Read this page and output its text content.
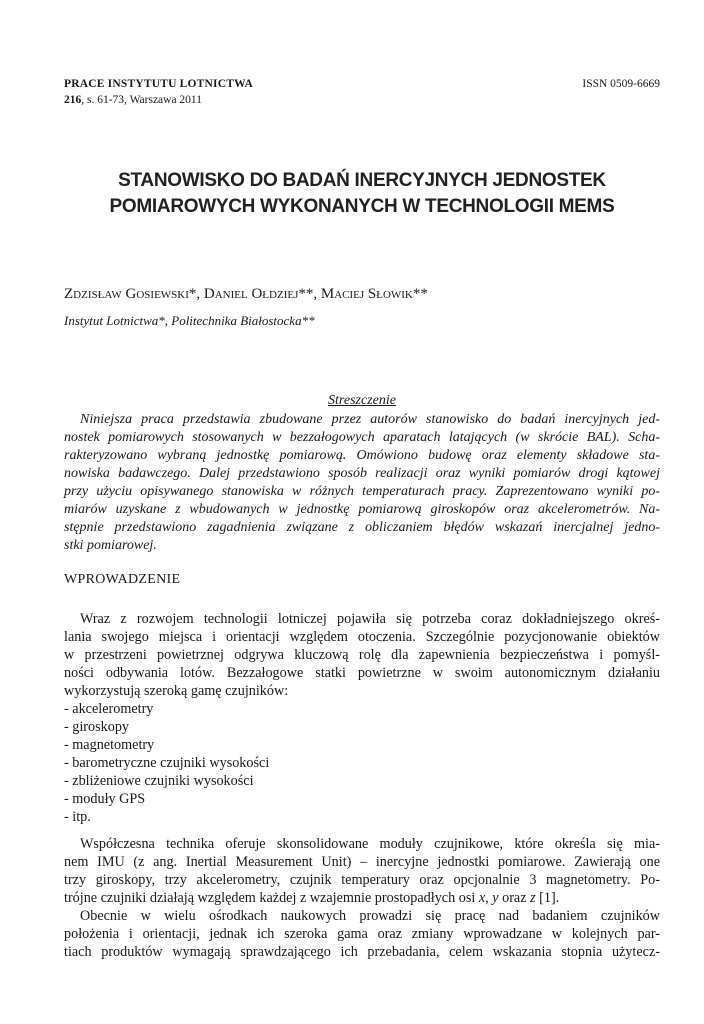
PRACE INSTYTUTU LOTNICTWA
216, s. 61-73, Warszawa 2011
ISSN 0509-6669
STANOWISKO DO BADAŃ INERCYJNYCH JEDNOSTEK
POMIAROWYCH WYKONANYCH W TECHNOLOGII MEMS
Zdzisław Gosiewski*, Daniel Ołdziej**, Maciej Słowik**
Instytut Lotnictwa*, Politechnika Białostocka**
Streszczenie
Niniejsza praca przedstawia zbudowane przez autorów stanowisko do badań inercyjnych jed-
nostek pomiarowych stosowanych w bezzałogowych aparatach latających (w skrócie BAL). Scha-
rakteryzowano wybraną jednostkę pomiarową. Omówiono budowę oraz elementy składowe sta-
nowiska badawczego. Dalej przedstawiono sposób realizacji oraz wyniki pomiarów drogi kątowej
przy użyciu opisywanego stanowiska w różnych temperaturach pracy. Zaprezentowano wyniki po-
miarów uzyskane z wbudowanych w jednostkę pomiarową giroskopów oraz akcelerometrów. Na-
stępnie przedstawiono zagadnienia związane z obliczaniem błędów wskazań inercjalnej jedno-
stki pomiarowej.
WPROWADZENIE
Wraz z rozwojem technologii lotniczej pojawiła się potrzeba coraz dokładniejszego okreś-
lania swojego miejsca i orientacji względem otoczenia. Szczególnie pozycjonowanie obiektów
w przestrzeni powietrznej odgrywa kluczową rolę dla zapewnienia bezpieczeństwa i pomyśl-
ności odbywania lotów. Bezzałogowe statki powietrzne w swoim autonomicznym działaniu
wykorzystują szeroką gamę czujników:
- akcelerometry
- giroskopy
- magnetometry
- barometryczne czujniki wysokości
- zbliżeniowe czujniki wysokości
- moduły GPS
- itp.
Współczesna technika oferuje skonsolidowane moduły czujnikowe, które określa się mia-
nem IMU (z ang. Inertial Measurement Unit) – inercyjne jednostki pomiarowe. Zawierają one
trzy giroskopy, trzy akcelerometry, czujnik temperatury oraz opcjonalnie 3 magnetometry. Po-
trójne czujniki działają względem każdej z wzajemnie prostopadłych osi x, y oraz z [1].
Obecnie w wielu ośrodkach naukowych prowadzi się pracę nad badaniem czujników
położenia i orientacji, jednak ich szeroka gama oraz zmiany wprowadzane w kolejnych par-
tiach produktów wymagają sprawdzającego ich przebadania, celem wskazania stopnia użytecz-
